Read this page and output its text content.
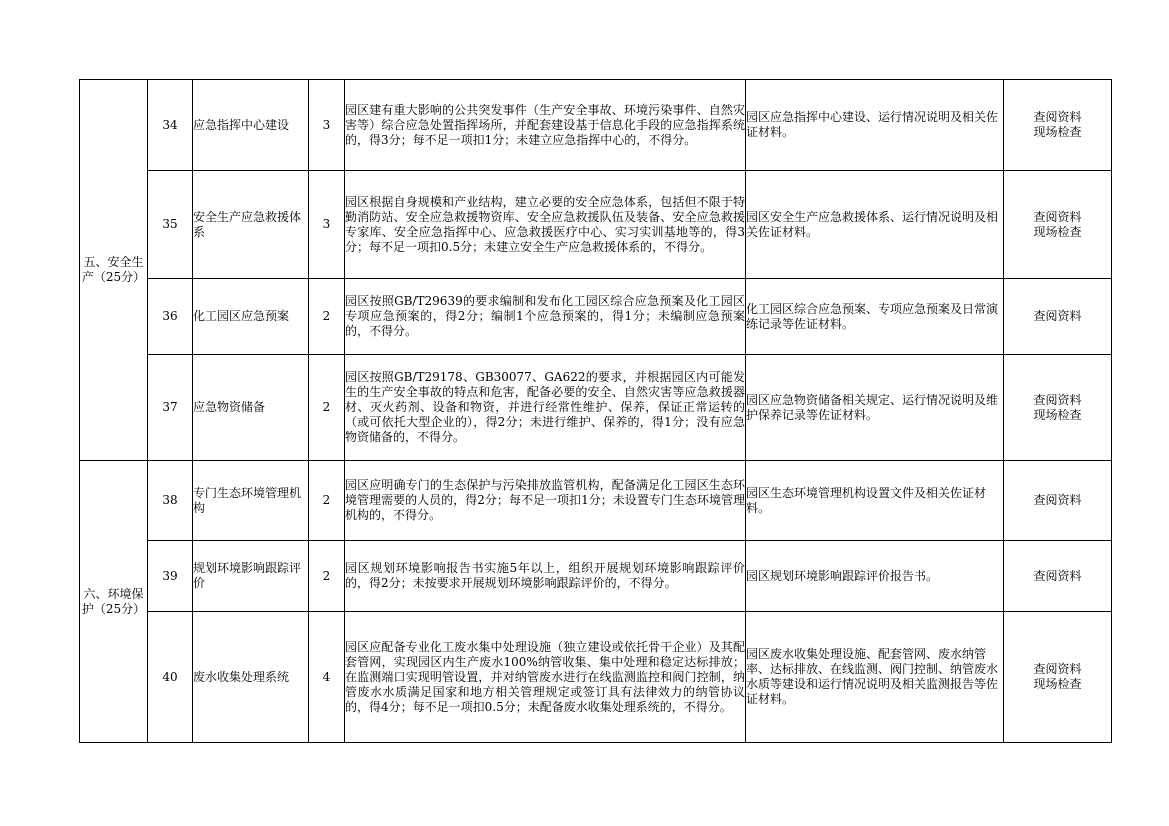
五、安全生产（25分）	34	应急指挥中心建设	3	园区建有重大影响的公共突发事件（生产安全事故、环境污染事件、自然灾害等）综合应急处置指挥场所，并配套建设基于信息化手段的应急指挥系统的，得3分；每不足一项扣1分；未建立应急指挥中心的，不得分。	园区应急指挥中心建设、运行情况说明及相关佐证材料。	查阅资料
现场检查

	35	安全生产应急救援体系	3	园区根据自身规模和产业结构，建立必要的安全应急体系，包括但不限于特勤消防站、安全应急救援物资库、安全应急救援队伍及装备、安全应急救援专家库、安全应急指挥中心、应急救援医疗中心、实习实训基地等的，得3分；每不足一项扣0.5分；未建立安全生产应急救援体系的，不得分。	园区安全生产应急救援体系、运行情况说明及相关佐证材料。	查阅资料
现场检查

	36	化工园区应急预案	2	园区按照GB/T29639的要求编制和发布化工园区综合应急预案及化工园区专项应急预案的，得2分；编制1个应急预案的，得1分；未编制应急预案的，不得分。	化工园区综合应急预案、专项应急预案及日常演练记录等佐证材料。	查阅资料

	37	应急物资储备	2	园区按照GB/T29178、GB30077、GA622的要求，并根据园区内可能发生的生产安全事故的特点和危害，配备必要的安全、自然灾害等应急救援器材、灭火药剂、设备和物资，并进行经常性维护、保养，保证正常运转的（或可依托大型企业的），得2分；未进行维护、保养的，得1分；没有应急物资储备的，不得分。	园区应急物资储备相关规定、运行情况说明及维护保养记录等佐证材料。	查阅资料
现场检查

六、环境保护（25分）	38	专门生态环境管理机构	2	园区应明确专门的生态保护与污染排放监管机构，配备满足化工园区生态环境管理需要的人员的，得2分；每不足一项扣1分；未设置专门生态环境管理机构的，不得分。	园区生态环境管理机构设置文件及相关佐证材料。	查阅资料

	39	规划环境影响跟踪评价	2	园区规划环境影响报告书实施5年以上，组织开展规划环境影响跟踪评价的，得2分；未按要求开展规划环境影响跟踪评价的，不得分。	园区规划环境影响跟踪评价报告书。	查阅资料

	40	废水收集处理系统	4	园区应配备专业化工废水集中处理设施（独立建设或依托骨干企业）及其配套管网，实现园区内生产废水100%纳管收集、集中处理和稳定达标排放；在监测端口实现明管设置，并对纳管废水进行在线监测监控和阀门控制，纳管废水水质满足国家和地方相关管理规定或签订具有法律效力的纳管协议的，得4分；每不足一项扣0.5分；未配备废水收集处理系统的，不得分。	园区废水收集处理设施、配套管网、废水纳管率、达标排放、在线监测、阀门控制、纳管废水水质等建设和运行情况说明及相关监测报告等佐证材料。	查阅资料
现场检查
